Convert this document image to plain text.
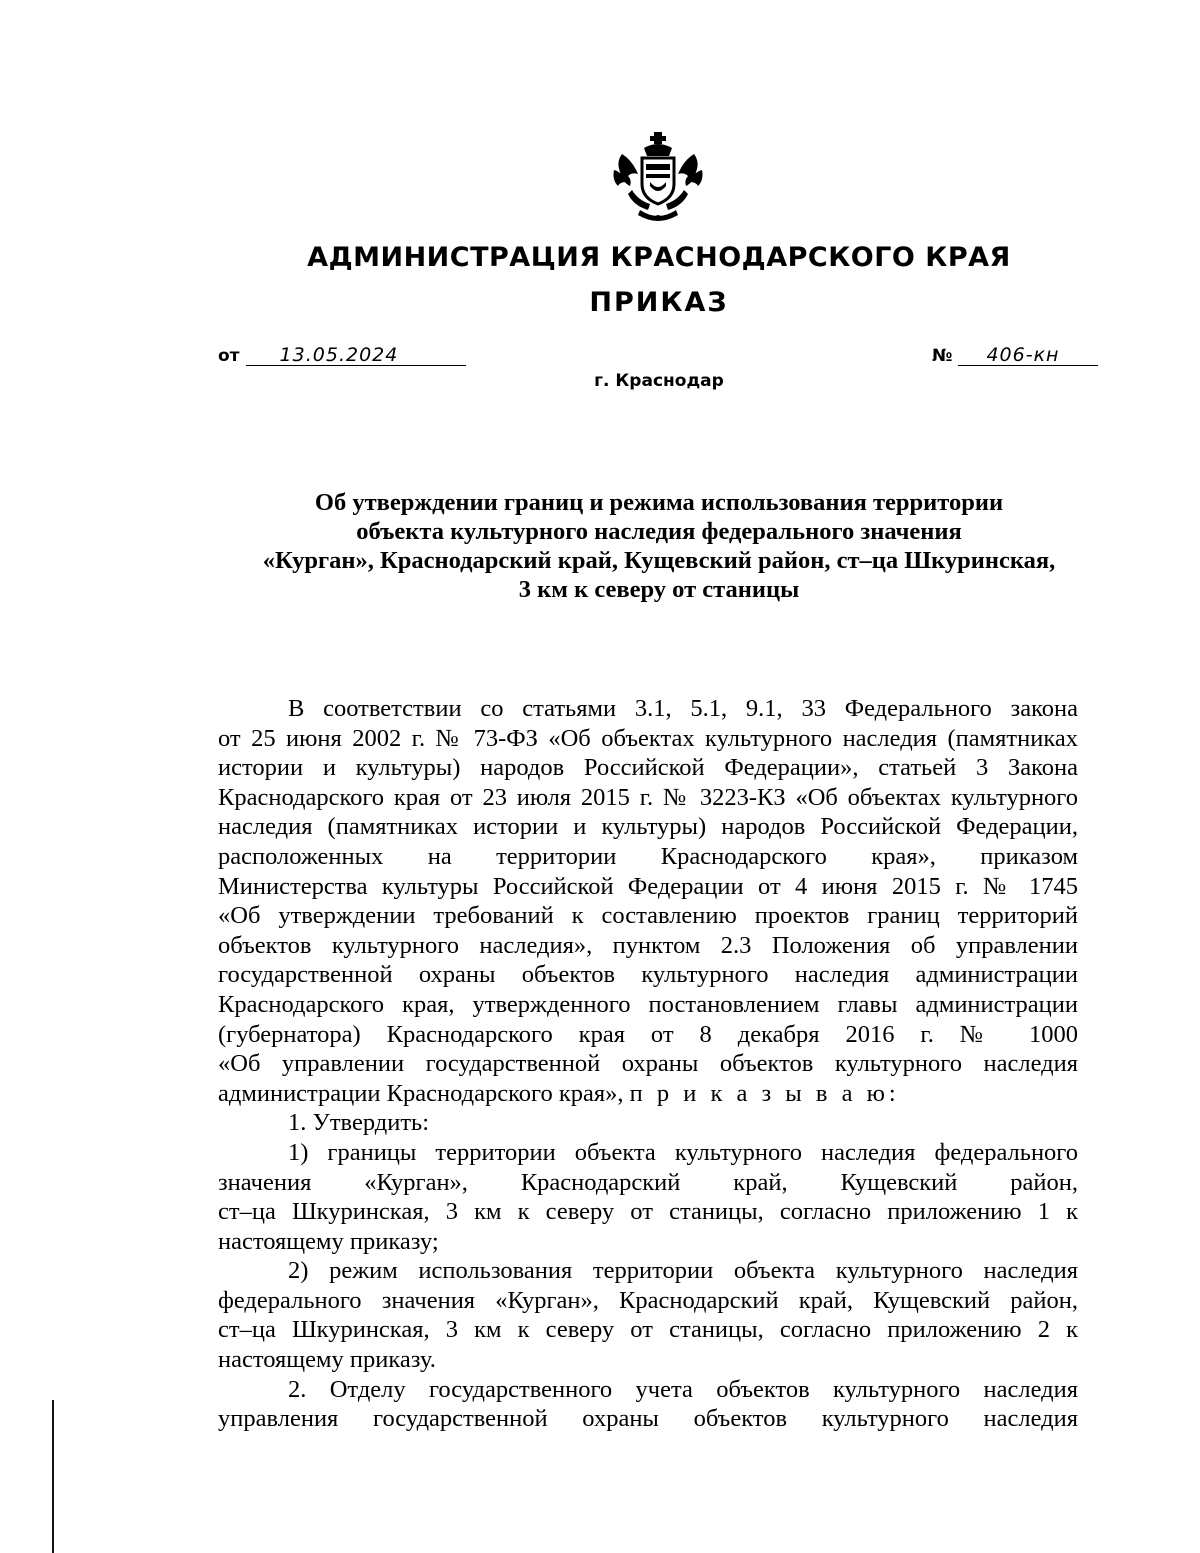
АДМИНИСТРАЦИЯ КРАСНОДАРСКОГО КРАЯ
ПРИКАЗ
от 13.05.2024	№ 406-кн
г. Краснодар
Об утверждении границ и режима использования территории
объекта культурного наследия федерального значения
«Курган», Краснодарский край, Кущевский район, ст–ца Шкуринская,
3 км к северу от станицы
В соответствии со статьями 3.1, 5.1, 9.1, 33 Федерального закона
от 25 июня 2002 г. № 73-ФЗ «Об объектах культурного наследия (памятниках
истории и культуры) народов Российской Федерации», статьей 3 Закона
Краснодарского края от 23 июля 2015 г. № 3223-КЗ «Об объектах культурного
наследия (памятниках истории и культуры) народов Российской Федерации,
расположенных на территории Краснодарского края», приказом
Министерства культуры Российской Федерации от 4 июня 2015 г. № 1745
«Об утверждении требований к составлению проектов границ территорий
объектов культурного наследия», пунктом 2.3 Положения об управлении
государственной охраны объектов культурного наследия администрации
Краснодарского края, утвержденного постановлением главы администрации
(губернатора) Краснодарского края от 8 декабря 2016 г. № 1000
«Об управлении государственной охраны объектов культурного наследия
администрации Краснодарского края», п р и к а з ы в а ю:
1. Утвердить:
1) границы территории объекта культурного наследия федерального
значения «Курган», Краснодарский край, Кущевский район,
ст–ца Шкуринская, 3 км к северу от станицы, согласно приложению 1 к
настоящему приказу;
2) режим использования территории объекта культурного наследия
федерального значения «Курган», Краснодарский край, Кущевский район,
ст–ца Шкуринская, 3 км к северу от станицы, согласно приложению 2 к
настоящему приказу.
2. Отделу государственного учета объектов культурного наследия
управления государственной охраны объектов культурного наследия
